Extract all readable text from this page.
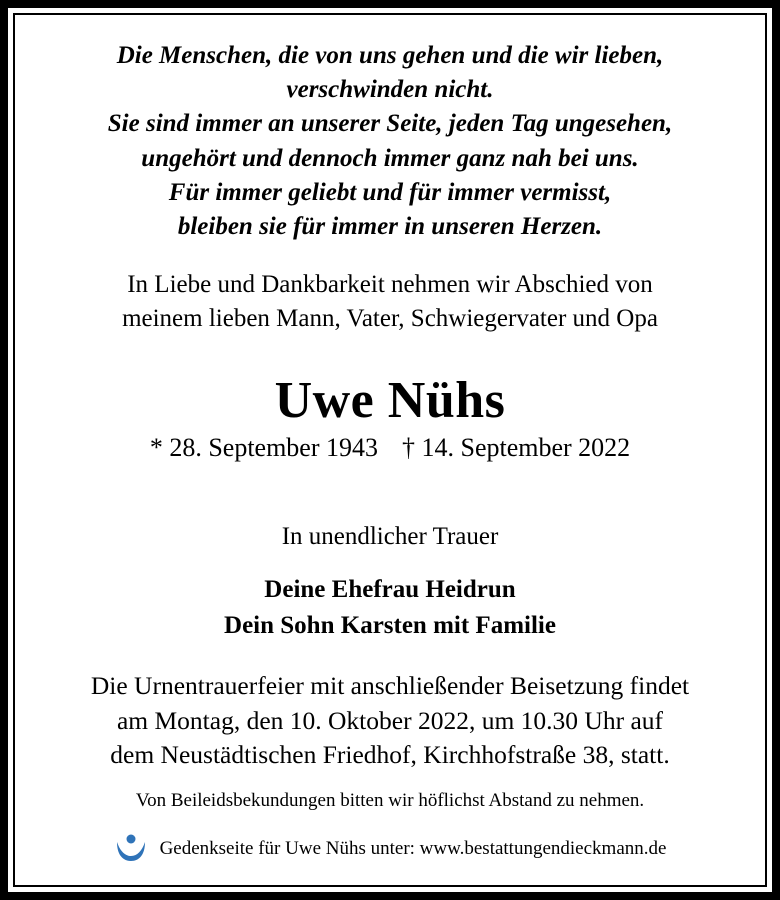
Die Menschen, die von uns gehen und die wir lieben,
verschwinden nicht.
Sie sind immer an unserer Seite, jeden Tag ungesehen,
ungehört und dennoch immer ganz nah bei uns.
Für immer geliebt und für immer vermisst,
bleiben sie für immer in unseren Herzen.
In Liebe und Dankbarkeit nehmen wir Abschied von
meinem lieben Mann, Vater, Schwiegervater und Opa
Uwe Nühs
* 28. September 1943 † 14. September 2022
In unendlicher Trauer
Deine Ehefrau Heidrun
Dein Sohn Karsten mit Familie
Die Urnentrauerfeier mit anschließender Beisetzung findet
am Montag, den 10. Oktober 2022, um 10.30 Uhr auf
dem Neustädtischen Friedhof, Kirchhofstraße 38, statt.
Von Beileidsbekundungen bitten wir höflichst Abstand zu nehmen.
Gedenkseite für Uwe Nühs unter: www.bestattungendieckmann.de
